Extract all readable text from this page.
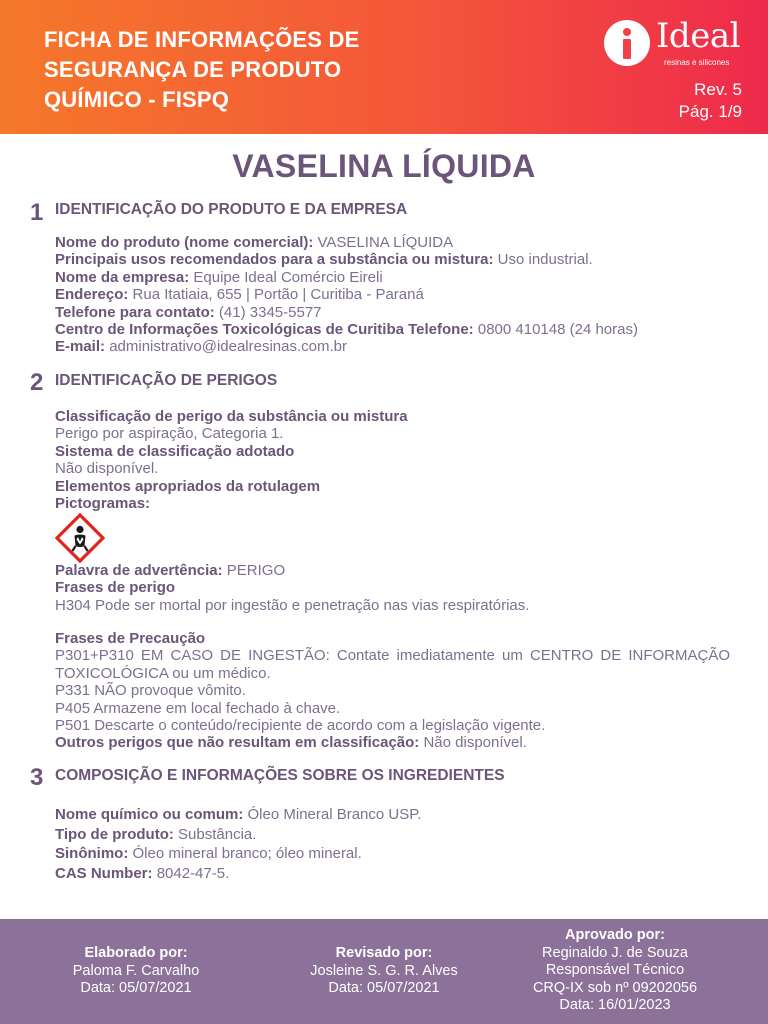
FICHA DE INFORMAÇÕES DE
SEGURANÇA DE PRODUTO
QUÍMICO - FISPQ
Ideal
resinas e silicones
Rev. 5
Pág. 1/9
VASELINA LÍQUIDA
1 IDENTIFICAÇÃO DO PRODUTO E DA EMPRESA
Nome do produto (nome comercial): VASELINA LÍQUIDA
Principais usos recomendados para a substância ou mistura: Uso industrial.
Nome da empresa: Equipe Ideal Comércio Eireli
Endereço: Rua Itatiaia, 655 | Portão | Curitiba - Paraná
Telefone para contato: (41) 3345-5577
Centro de Informações Toxicológicas de Curitiba Telefone: 0800 410148 (24 horas)
E-mail: administrativo@idealresinas.com.br
2 IDENTIFICAÇÃO DE PERIGOS
Classificação de perigo da substância ou mistura
Perigo por aspiração, Categoria 1.
Sistema de classificação adotado
Não disponível.
Elementos apropriados da rotulagem
Pictogramas:
Palavra de advertência: PERIGO
Frases de perigo
H304 Pode ser mortal por ingestão e penetração nas vias respiratórias.
Frases de Precaução
P301+P310 EM CASO DE INGESTÃO: Contate imediatamente um CENTRO DE INFORMAÇÃO TOXICOLÓGICA ou um médico.
P331 NÃO provoque vômito.
P405 Armazene em local fechado à chave.
P501 Descarte o conteúdo/recipiente de acordo com a legislação vigente.
Outros perigos que não resultam em classificação: Não disponível.
3 COMPOSIÇÃO E INFORMAÇÕES SOBRE OS INGREDIENTES
Nome químico ou comum: Óleo Mineral Branco USP.
Tipo de produto: Substância.
Sinônimo: Óleo mineral branco; óleo mineral.
CAS Number: 8042-47-5.
Elaborado por:
Paloma F. Carvalho
Data: 05/07/2021
Revisado por:
Josleine S. G. R. Alves
Data: 05/07/2021
Aprovado por:
Reginaldo J. de Souza
Responsável Técnico
CRQ-IX sob nº 09202056
Data: 16/01/2023
